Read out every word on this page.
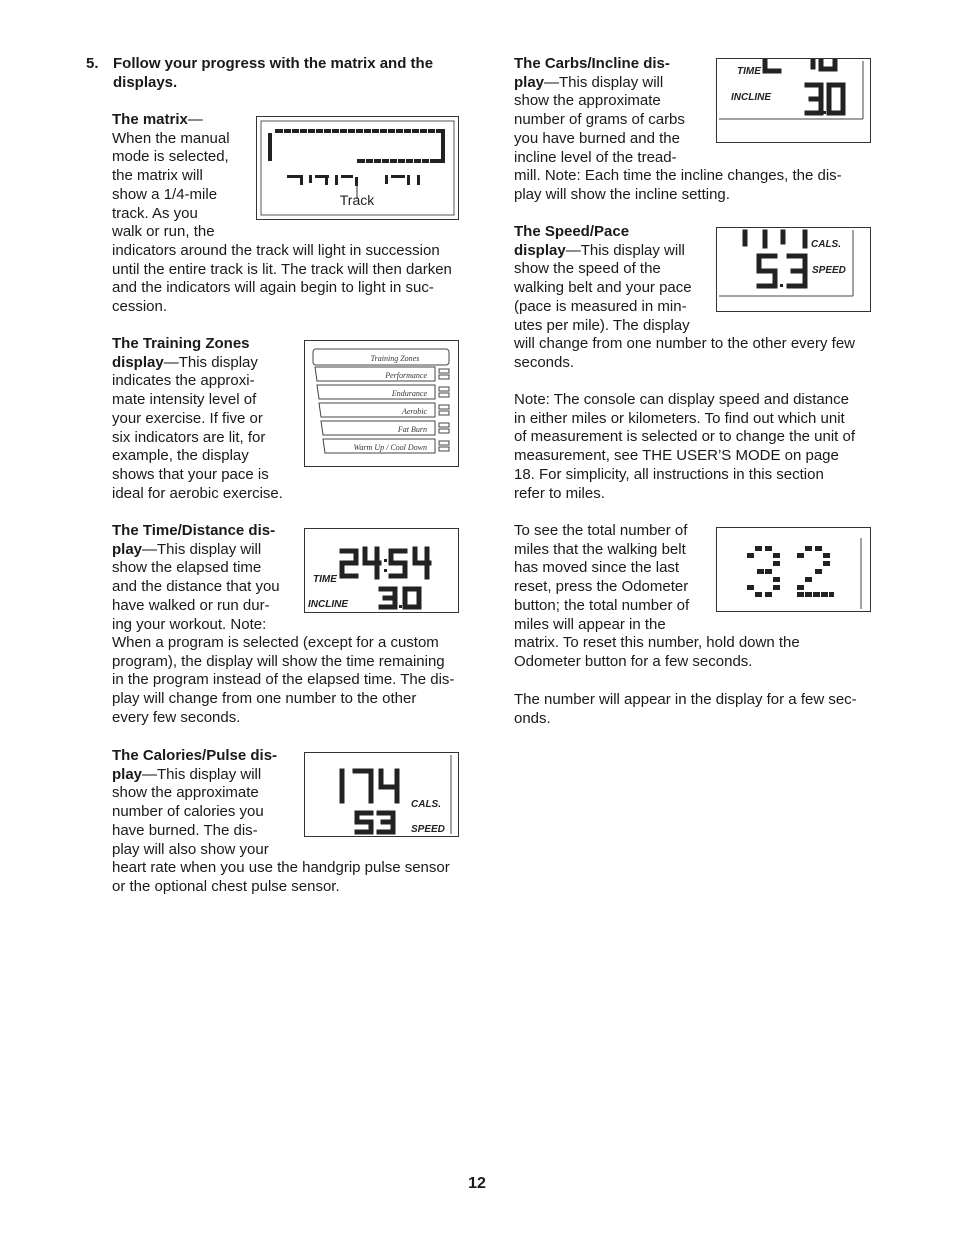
5. Follow your progress with the matrix and the
displays.
The matrix—
When the manual
mode is selected,
the matrix will
show a 1/4-mile
track. As you
walk or run, the
indicators around the track will light in succession
until the entire track is lit. The track will then darken
and the indicators will again begin to light in suc-
cession.
Track
The Training Zones
display—This display
indicates the approxi-
mate intensity level of
your exercise. If five or
six indicators are lit, for
example, the display
shows that your pace is
ideal for aerobic exercise.
Training Zones
Performance
Endurance
Aerobic
Fat Burn
Warm Up / Cool Down
The Time/Distance dis-
play—This display will
show the elapsed time
and the distance that you
have walked or run dur-
ing your workout. Note:
When a program is selected (except for a custom
program), the display will show the time remaining
in the program instead of the elapsed time. The dis-
play will change from one number to the other
every few seconds.
TIME
INCLINE
The Calories/Pulse dis-
play—This display will
show the approximate
number of calories you
have burned. The dis-
play will also show your
heart rate when you use the handgrip pulse sensor
or the optional chest pulse sensor.
CALS.
SPEED
The Carbs/Incline dis-
play—This display will
show the approximate
number of grams of carbs
you have burned and the
incline level of the tread-
mill. Note: Each time the incline changes, the dis-
play will show the incline setting.
TIME
INCLINE
The Speed/Pace
display—This display will
show the speed of the
walking belt and your pace
(pace is measured in min-
utes per mile). The display
will change from one number to the other every few
seconds.
CALS.
SPEED
Note: The console can display speed and distance
in either miles or kilometers. To find out which unit
of measurement is selected or to change the unit of
measurement, see THE USER’S MODE on page
18. For simplicity, all instructions in this section
refer to miles.
To see the total number of
miles that the walking belt
has moved since the last
reset, press the Odometer
button; the total number of
miles will appear in the
matrix. To reset this number, hold down the
Odometer button for a few seconds.
The number will appear in the display for a few sec-
onds.
12
